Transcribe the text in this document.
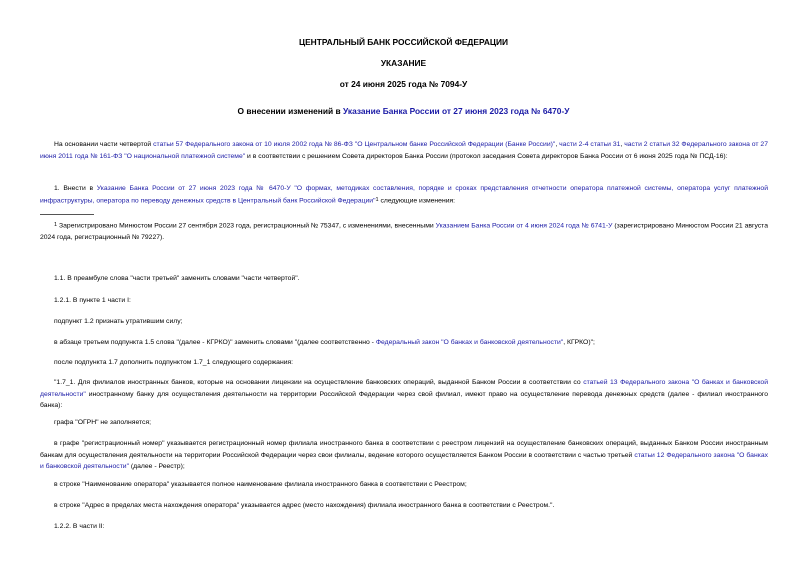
ЦЕНТРАЛЬНЫЙ БАНК РОССИЙСКОЙ ФЕДЕРАЦИИ
УКАЗАНИЕ
от 24 июня 2025 года № 7094-У
О внесении изменений в Указание Банка России от 27 июня 2023 года № 6470-У
На основании части четвертой статьи 57 Федерального закона от 10 июля 2002 года № 86-ФЗ "О Центральном банке Российской Федерации (Банке России)", части 2-4 статьи 31, части 2 статьи 32 Федерального закона от 27 июня 2011 года № 161-ФЗ "О национальной платежной системе" и в соответствии с решением Совета директоров Банка России (протокол заседания Совета директоров Банка России от 6 июня 2025 года № ПСД-16):
1. Внести в Указание Банка России от 27 июня 2023 года № 6470-У "О формах, методиках составления, порядке и сроках представления отчетности оператора платежной системы, оператора услуг платежной инфраструктуры, оператора по переводу денежных средств в Центральный банк Российской Федерации"$^1$ следующие изменения:
$^1$ Зарегистрировано Минюстом России 27 сентября 2023 года, регистрационный № 75347, с изменениями, внесенными Указанием Банка России от 4 июня 2024 года № 6741-У (зарегистрировано Минюстом России 21 августа 2024 года, регистрационный № 79227).
1.1. В преамбуле слова "части третьей" заменить словами "части четвертой".
1.2.1. В пункте 1 части I:
подпункт 1.2 признать утратившим силу;
в абзаце третьем подпункта 1.5 слова "(далее - КГРКО)" заменить словами "(далее соответственно - Федеральный закон "О банках и банковской деятельности", КГРКО)";
после подпункта 1.7 дополнить подпунктом 1.7_1 следующего содержания:
"1.7_1. Для филиалов иностранных банков, которые на основании лицензии на осуществление банковских операций, выданной Банком России в соответствии со статьей 13 Федерального закона "О банках и банковской деятельности" иностранному банку для осуществления деятельности на территории Российской Федерации через свой филиал, имеют право на осуществление перевода денежных средств (далее - филиал иностранного банка):
графа "ОГРН" не заполняется;
в графе "регистрационный номер" указывается регистрационный номер филиала иностранного банка в соответствии с реестром лицензий на осуществление банковских операций, выданных Банком России иностранным банкам для осуществления деятельности на территории Российской Федерации через свои филиалы, ведение которого осуществляется Банком России в соответствии с частью третьей статьи 12 Федерального закона "О банках и банковской деятельности" (далее - Реестр);
в строке "Наименование оператора" указывается полное наименование филиала иностранного банка в соответствии с Реестром;
в строке "Адрес в пределах места нахождения оператора" указывается адрес (место нахождения) филиала иностранного банка в соответствии с Реестром.".
1.2.2. В части II:
